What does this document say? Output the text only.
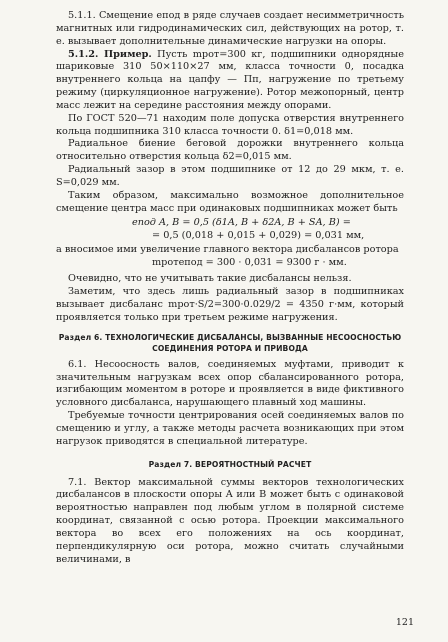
5.1.1. Смещение eпод в ряде случаев создает несимметричность магнитных или гидродинамических сил, действующих на ротор, т. е. вызывает дополнительные динамические нагрузки на опоры.

5.1.2. Пример. Пусть mрот=300 кг, подшипники однорядные шариковые 310 50×110×27 мм, класса точности 0, посадка внутреннего кольца на цапфу — Пп, нагружение по третьему режиму (циркуляционное нагружение). Ротор межопорный, центр масс лежит на середине расстояния между опорами.

По ГОСТ 520—71 находим поле допуска отверстия внутреннего кольца подшипника 310 класса точности 0. δ1=0,018 мм.

Радиальное биение беговой дорожки внутреннего кольца относительно отверстия кольца δ2=0,015 мм.

Радиальный зазор в этом подшипнике от 12 до 29 мкм, т. е. S=0,029 мм.

Таким образом, максимально возможное дополнительное смещение центра масс при одинаковых подшипниках может быть

eпод A, B = 0,5 (δ1A, B + δ2A, B + SA, B) =
= 0,5 (0,018 + 0,015 + 0,029) = 0,031 мм,

а вносимое ими увеличение главного вектора дисбалансов ротора

mротeпод = 300 · 0,031 = 9300 г · мм.

Очевидно, что не учитывать такие дисбалансы нельзя.

Заметим, что здесь лишь радиальный зазор в подшипниках вызывает дисбаланс mрот·S/2=300·0.029/2 = 4350 г·мм, который проявляется только при третьем режиме нагружения.

Раздел 6. ТЕХНОЛОГИЧЕСКИЕ ДИСБАЛАНСЫ, ВЫЗВАННЫЕ НЕСООСНОСТЬЮ СОЕДИНЕНИЯ РОТОРА И ПРИВОДА

6.1. Несоосность валов, соединяемых муфтами, приводит к значительным нагрузкам всех опор сбалансированного ротора, изгибающим моментом в роторе и проявляется в виде фиктивного условного дисбаланса, нарушающего плавный ход машины.

Требуемые точности центрирования осей соединяемых валов по смещению и углу, а также методы расчета возникающих при этом нагрузок приводятся в специальной литературе.

Раздел 7. ВЕРОЯТНОСТНЫЙ РАСЧЕТ

7.1. Вектор максимальной суммы векторов технологических дисбалансов в плоскости опоры A или B может быть с одинаковой вероятностью направлен под любым углом в полярной системе координат, связанной с осью ротора. Проекции максимального вектора во всех его положениях на ось координат, перпендикулярную оси ротора, можно считать случайными величинами, в

121
